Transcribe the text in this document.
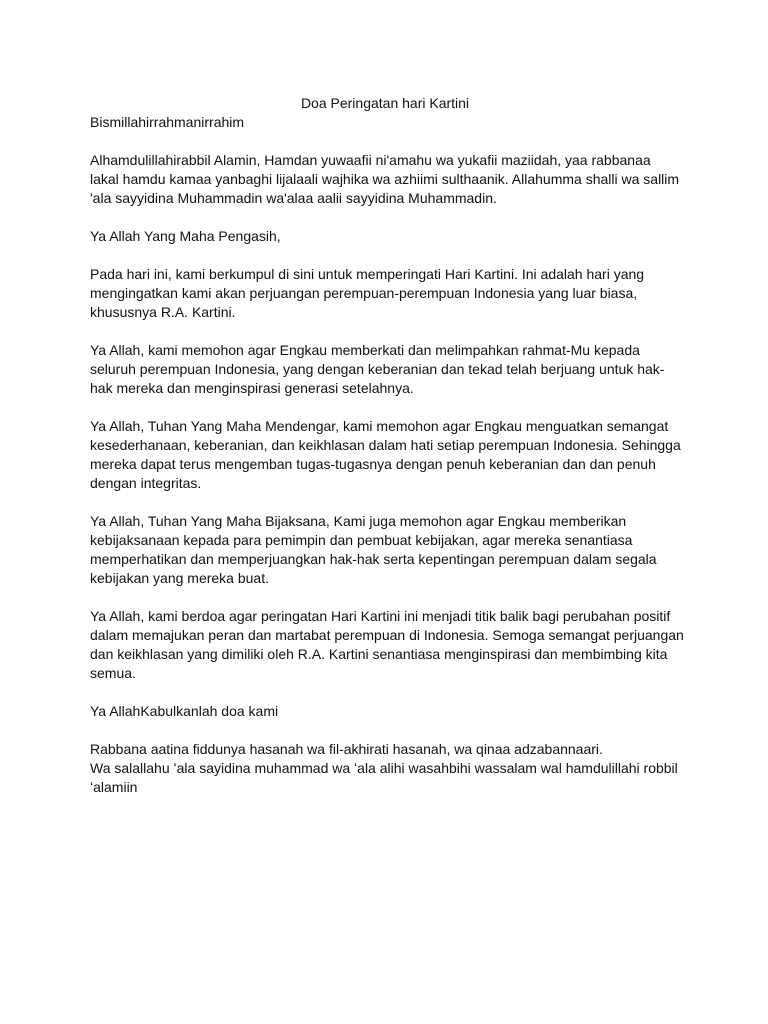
Doa Peringatan hari Kartini

Bismillahirrahmanirrahim

Alhamdulillahirabbil Alamin, Hamdan yuwaafii ni'amahu wa yukafii maziidah, yaa rabbanaa
lakal hamdu kamaa yanbaghi lijalaali wajhika wa azhiimi sulthaanik. Allahumma shalli wa sallim
'ala sayyidina Muhammadin wa'alaa aalii sayyidina Muhammadin.
Ya Allah Yang Maha Pengasih,
Pada hari ini, kami berkumpul di sini untuk memperingati Hari Kartini. Ini adalah hari yang
mengingatkan kami akan perjuangan perempuan-perempuan Indonesia yang luar biasa,
khususnya R.A. Kartini.
Ya Allah, kami memohon agar Engkau memberkati dan melimpahkan rahmat-Mu kepada
seluruh perempuan Indonesia, yang dengan keberanian dan tekad telah berjuang untuk hak-
hak mereka dan menginspirasi generasi setelahnya.
Ya Allah, Tuhan Yang Maha Mendengar, kami memohon agar Engkau menguatkan semangat
kesederhanaan, keberanian, dan keikhlasan dalam hati setiap perempuan Indonesia. Sehingga
mereka dapat terus mengemban tugas-tugasnya dengan penuh keberanian dan dan penuh
dengan integritas.
Ya Allah, Tuhan Yang Maha Bijaksana, Kami juga memohon agar Engkau memberikan
kebijaksanaan kepada para pemimpin dan pembuat kebijakan, agar mereka senantiasa
memperhatikan dan memperjuangkan hak-hak serta kepentingan perempuan dalam segala
kebijakan yang mereka buat.
Ya Allah, kami berdoa agar peringatan Hari Kartini ini menjadi titik balik bagi perubahan positif
dalam memajukan peran dan martabat perempuan di Indonesia. Semoga semangat perjuangan
dan keikhlasan yang dimiliki oleh R.A. Kartini senantiasa menginspirasi dan membimbing kita
semua.
Ya AllahKabulkanlah doa kami
Rabbana aatina fiddunya hasanah wa fil-akhirati hasanah, wa qinaa adzabannaari.
Wa salallahu ʻala sayidina muhammad wa ʻala alihi wasahbihi wassalam wal hamdulillahi robbil
ʻalamiin
